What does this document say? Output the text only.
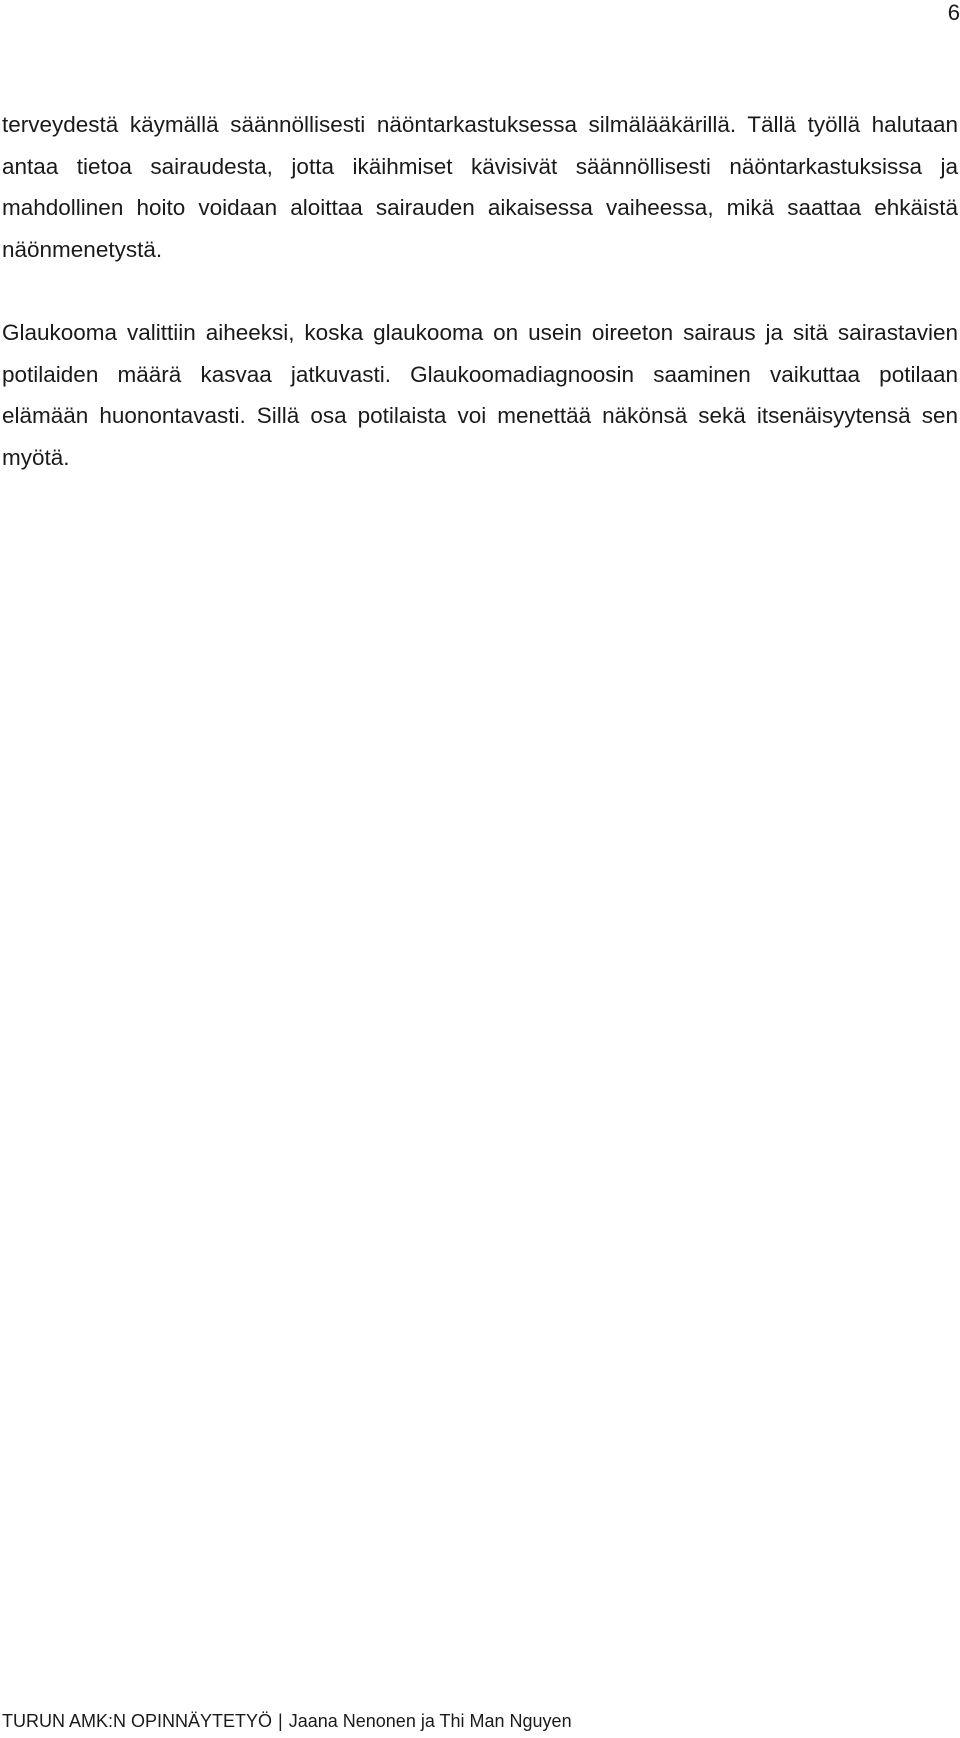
6

terveydestä käymällä säännöllisesti näöntarkastuksessa silmälääkärillä. Tällä työllä halutaan antaa tietoa sairaudesta, jotta ikäihmiset kävisivät säännöllisesti näöntarkastuksissa ja mahdollinen hoito voidaan aloittaa sairauden aikaisessa vaiheessa, mikä saattaa ehkäistä näönmenetystä.

Glaukooma valittiin aiheeksi, koska glaukooma on usein oireeton sairaus ja sitä sairastavien potilaiden määrä kasvaa jatkuvasti. Glaukoomadiagnoosin saaminen vaikuttaa potilaan elämään huonontavasti. Sillä osa potilaista voi menettää näkönsä sekä itsenäisyytensä sen myötä.

TURUN AMK:N OPINNÄYTETYÖ | Jaana Nenonen ja Thi Man Nguyen
